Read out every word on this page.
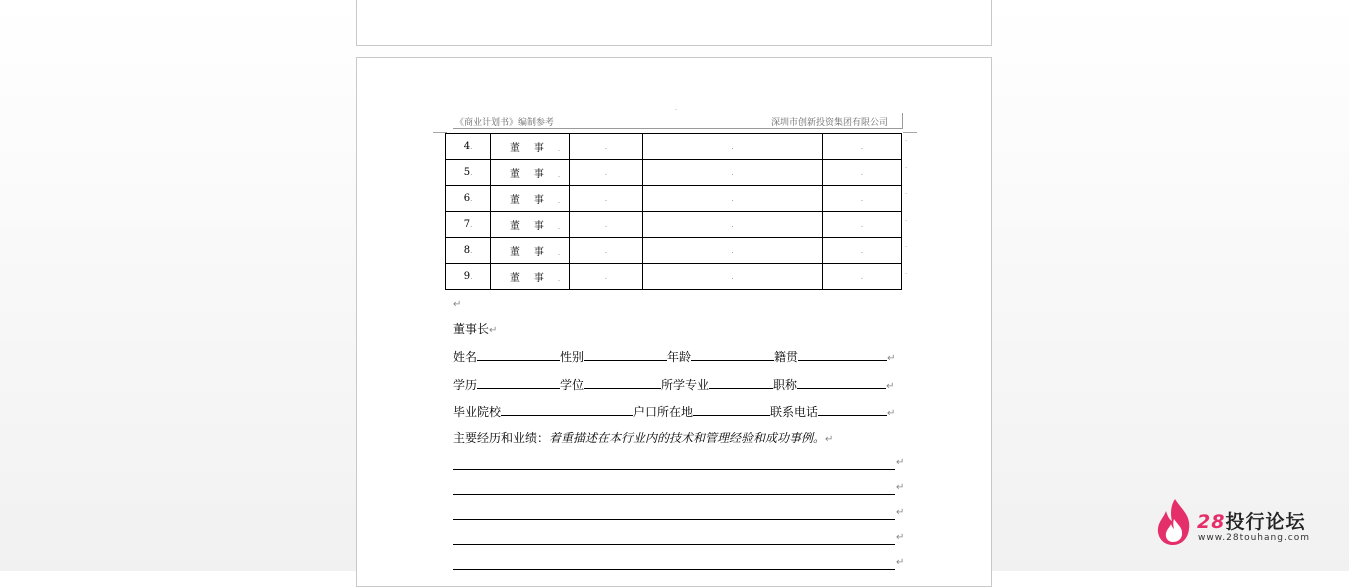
.
《商业计划书》编制参考	深圳市创新投资集团有限公司
4.	董事.	.	.	.
5.	董事.	.	.	.
6.	董事.	.	.	.
7.	董事.	.	.	.
8.	董事.	.	.	.
9.	董事.	.	.	.
.
.
.
.
.
.
↵
董事长↵
姓名	性别	年龄	籍贯	↵
学历	学位	所学专业	职称	↵
毕业院校	户口所在地	联系电话	↵
主要经历和业绩：着重描述在本行业内的技术和管理经验和成功事例。↵
↵
↵
↵
↵
↵
28投行论坛
www.28touhang.com
